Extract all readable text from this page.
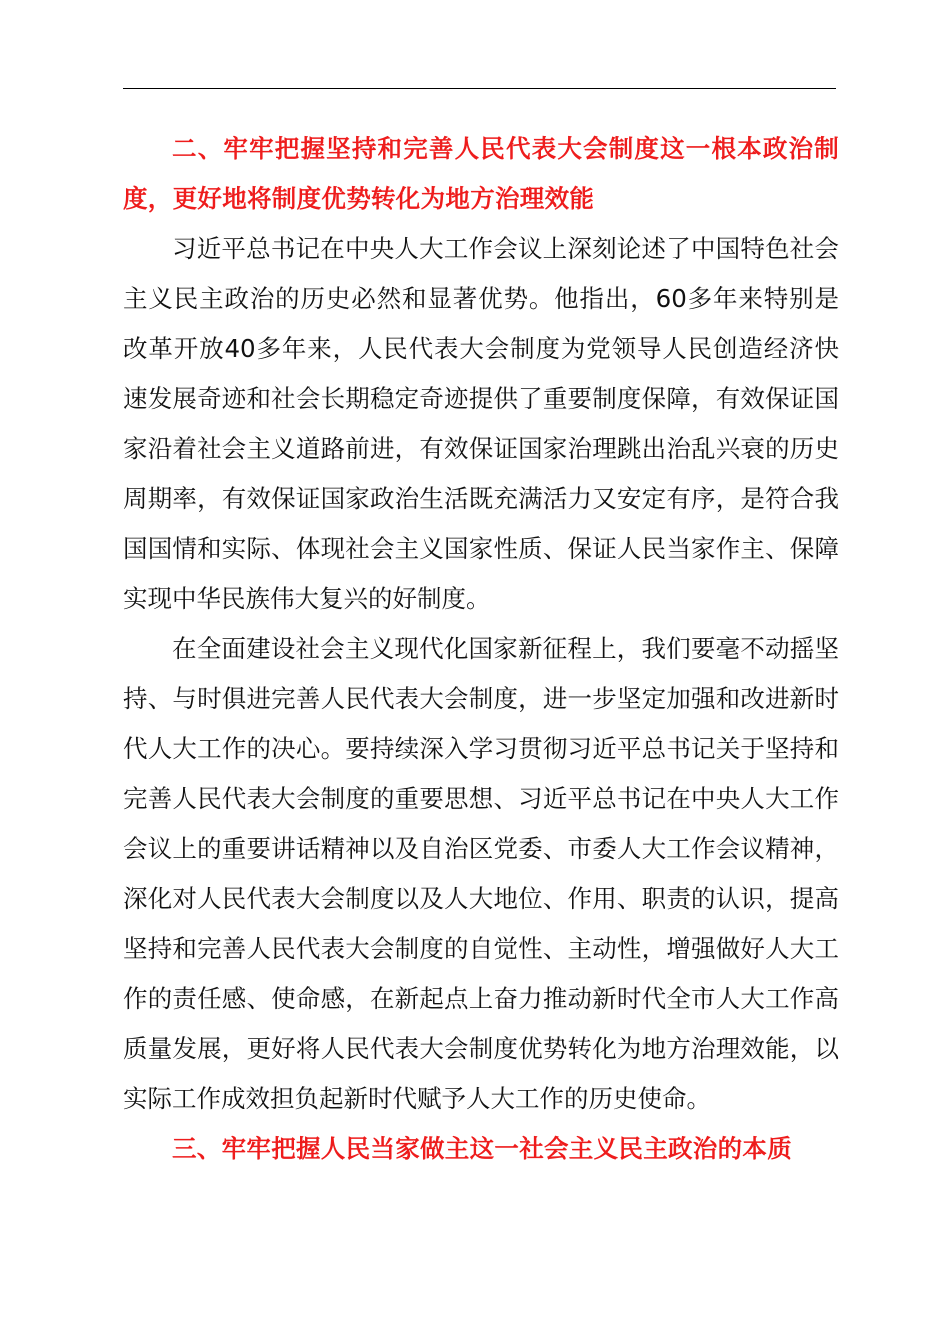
二、牢牢把握坚持和完善人民代表大会制度这一根本政治制度，更好地将制度优势转化为地方治理效能

习近平总书记在中央人大工作会议上深刻论述了中国特色社会主义民主政治的历史必然和显著优势。他指出，60多年来特别是改革开放40多年来，人民代表大会制度为党领导人民创造经济快速发展奇迹和社会长期稳定奇迹提供了重要制度保障，有效保证国家沿着社会主义道路前进，有效保证国家治理跳出治乱兴衰的历史周期率，有效保证国家政治生活既充满活力又安定有序，是符合我国国情和实际、体现社会主义国家性质、保证人民当家作主、保障实现中华民族伟大复兴的好制度。

在全面建设社会主义现代化国家新征程上，我们要毫不动摇坚持、与时俱进完善人民代表大会制度，进一步坚定加强和改进新时代人大工作的决心。要持续深入学习贯彻习近平总书记关于坚持和完善人民代表大会制度的重要思想、习近平总书记在中央人大工作会议上的重要讲话精神以及自治区党委、市委人大工作会议精神，深化对人民代表大会制度以及人大地位、作用、职责的认识，提高坚持和完善人民代表大会制度的自觉性、主动性，增强做好人大工作的责任感、使命感，在新起点上奋力推动新时代全市人大工作高质量发展，更好将人民代表大会制度优势转化为地方治理效能，以实际工作成效担负起新时代赋予人大工作的历史使命。

三、牢牢把握人民当家做主这一社会主义民主政治的本质
